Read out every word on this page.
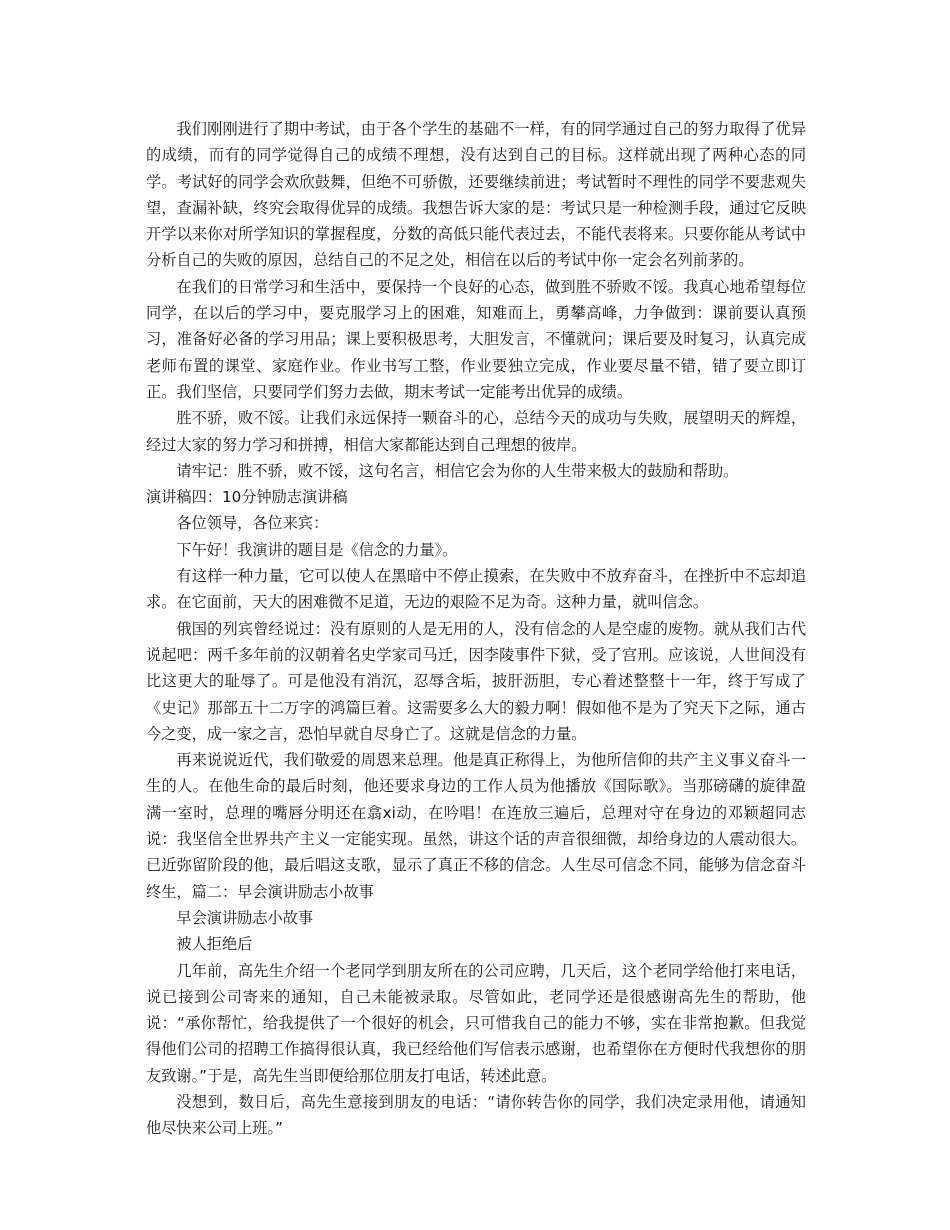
我们刚刚进行了期中考试，由于各个学生的基础不一样，有的同学通过自己的努力取得了优异的成绩，而有的同学觉得自己的成绩不理想，没有达到自己的目标。这样就出现了两种心态的同学。考试好的同学会欢欣鼓舞，但绝不可骄傲，还要继续前进；考试暂时不理性的同学不要悲观失望，查漏补缺，终究会取得优异的成绩。我想告诉大家的是：考试只是一种检测手段，通过它反映开学以来你对所学知识的掌握程度，分数的高低只能代表过去，不能代表将来。只要你能从考试中分析自己的失败的原因，总结自己的不足之处，相信在以后的考试中你一定会名列前茅的。

在我们的日常学习和生活中，要保持一个良好的心态，做到胜不骄败不馁。我真心地希望每位同学，在以后的学习中，要克服学习上的困难，知难而上，勇攀高峰，力争做到：课前要认真预习，准备好必备的学习用品；课上要积极思考，大胆发言，不懂就问；课后要及时复习，认真完成老师布置的课堂、家庭作业。作业书写工整，作业要独立完成，作业要尽量不错，错了要立即订正。我们坚信，只要同学们努力去做，期末考试一定能考出优异的成绩。

胜不骄，败不馁。让我们永远保持一颗奋斗的心，总结今天的成功与失败，展望明天的辉煌，经过大家的努力学习和拼搏，相信大家都能达到自己理想的彼岸。

请牢记：胜不骄，败不馁，这句名言，相信它会为你的人生带来极大的鼓励和帮助。

演讲稿四：10分钟励志演讲稿

各位领导，各位来宾：

下午好！我演讲的题目是《信念的力量》。

有这样一种力量，它可以使人在黑暗中不停止摸索，在失败中不放弃奋斗，在挫折中不忘却追求。在它面前，天大的困难微不足道，无边的艰险不足为奇。这种力量，就叫信念。

俄国的列宾曾经说过：没有原则的人是无用的人，没有信念的人是空虚的废物。就从我们古代说起吧：两千多年前的汉朝着名史学家司马迁，因李陵事件下狱，受了宫刑。应该说，人世间没有比这更大的耻辱了。可是他没有消沉，忍辱含垢，披肝沥胆，专心着述整整十一年，终于写成了《史记》那部五十二万字的鸿篇巨着。这需要多么大的毅力啊！假如他不是为了究天下之际，通古今之变，成一家之言，恐怕早就自尽身亡了。这就是信念的力量。

再来说说近代，我们敬爱的周恩来总理。他是真正称得上，为他所信仰的共产主义事义奋斗一生的人。在他生命的最后时刻，他还要求身边的工作人员为他播放《国际歌》。当那磅礴的旋律盈满一室时，总理的嘴唇分明还在翕xi动，在吟唱！在连放三遍后，总理对守在身边的邓颖超同志说：我坚信全世界共产主义一定能实现。虽然，讲这个话的声音很细微，却给身边的人震动很大。已近弥留阶段的他，最后唱这支歌，显示了真正不移的信念。人生尽可信念不同，能够为信念奋斗终生，篇二：早会演讲励志小故事

早会演讲励志小故事

被人拒绝后

几年前，高先生介绍一个老同学到朋友所在的公司应聘，几天后，这个老同学给他打来电话，说已接到公司寄来的通知，自己未能被录取。尽管如此，老同学还是很感谢高先生的帮助，他说：“承你帮忙，给我提供了一个很好的机会，只可惜我自己的能力不够，实在非常抱歉。但我觉得他们公司的招聘工作搞得很认真，我已经给他们写信表示感谢，也希望你在方便时代我想你的朋友致谢。”于是，高先生当即便给那位朋友打电话，转述此意。

没想到，数日后，高先生意接到朋友的电话：“请你转告你的同学，我们决定录用他，请通知他尽快来公司上班。”
